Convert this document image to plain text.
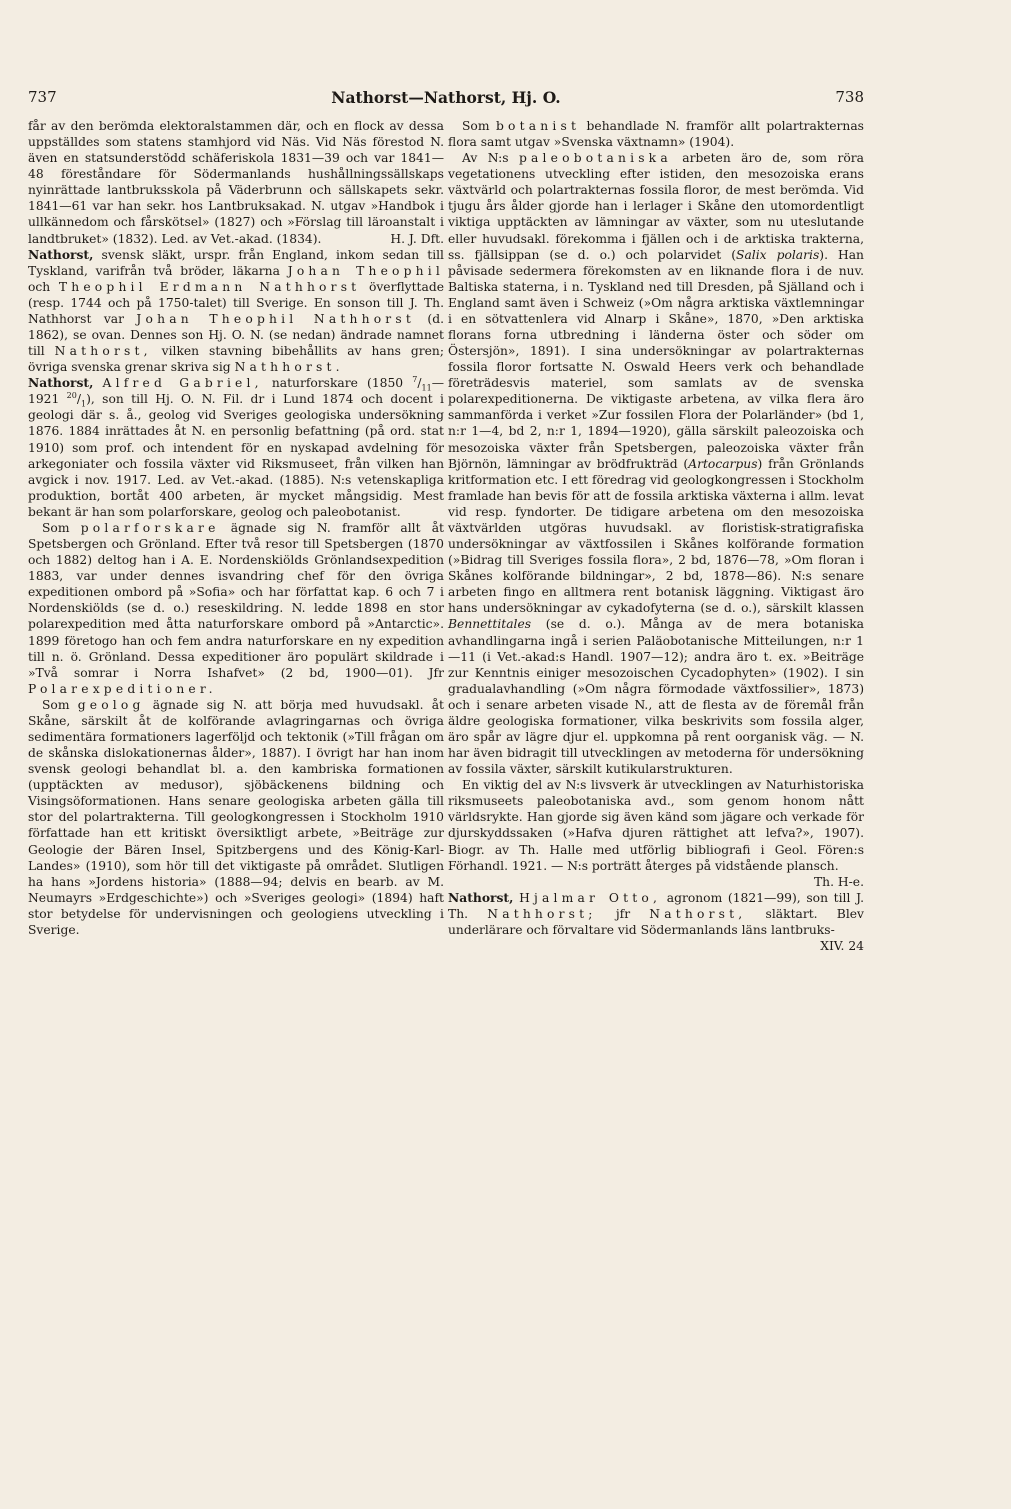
737	Nathorst—Nathorst, Hj. O.	738

får av den berömda elektoralstammen där, och en flock av dessa uppställdes som statens stamhjord vid Näs. Vid Näs förestod N. även en statsunderstödd schäferiskola 1831—39 och var 1841—48 föreståndare för Södermanlands hushållningssällskaps nyinrättade lantbruksskola på Väderbrunn och sällskapets sekr. 1841—61 var han sekr. hos Lantbruksakad. N. utgav »Handbok i ullkännedom och fårskötsel» (1827) och »Förslag till läroanstalt i landtbruket» (1832). Led. av Vet.-akad. (1834).	H. J. Dft.

Nathorst, svensk släkt, urspr. från England, inkom sedan till Tyskland, varifrån två bröder, läkarna Johan Theophil och Theophil Erdmann Nathhorst överflyttade (resp. 1744 och på 1750-talet) till Sverige. En sonson till J. Th. Nathhorst var Johan Theophil Nathhorst (d. 1862), se ovan. Dennes son Hj. O. N. (se nedan) ändrade namnet till Nathorst, vilken stavning bibehållits av hans gren; övriga svenska grenar skriva sig Nathhorst.

Nathorst, Alfred Gabriel, naturforskare (1850 $^7/_{11}—1921$ $^{20}/_1$), son till Hj. O. N. Fil. dr i Lund 1874 och docent i geologi där s. å., geolog vid Sveriges geologiska undersökning 1876. 1884 inrättades åt N. en personlig befattning (på ord. stat 1910) som prof. och intendent för en nyskapad avdelning för arkegoniater och fossila växter vid Riksmuseet, från vilken han avgick i nov. 1917. Led. av Vet.-akad. (1885). N:s vetenskapliga produktion, bortåt 400 arbeten, är mycket mångsidig. Mest bekant är han som polarforskare, geolog och paleobotanist.

Som polarforskare ägnade sig N. framför allt åt Spetsbergen och Grönland. Efter två resor till Spetsbergen (1870 och 1882) deltog han i A. E. Nordenskiölds Grönlandsexpedition 1883, var under dennes isvandring chef för den övriga expeditionen ombord på »Sofia» och har författat kap. 6 och 7 i Nordenskiölds (se d. o.) reseskildring. N. ledde 1898 en stor polarexpedition med åtta naturforskare ombord på »Antarctic». 1899 företogo han och fem andra naturforskare en ny expedition till n. ö. Grönland. Dessa expeditioner äro populärt skildrade i »Två somrar i Norra Ishafvet» (2 bd, 1900—01). Jfr Polarexpeditioner.

Som geolog ägnade sig N. att börja med huvudsakl. åt Skåne, särskilt åt de kolförande avlagringarnas och övriga sedimentära formationers lagerföljd och tektonik (»Till frågan om de skånska dislokationernas ålder», 1887). I övrigt har han inom svensk geologi behandlat bl. a. den kambriska formationen (upptäckten av medusor), sjöbäckenens bildning och Visingsöformationen. Hans senare geologiska arbeten gälla till stor del polartrakterna. Till geologkongressen i Stockholm 1910 författade han ett kritiskt översiktligt arbete, »Beiträge zur Geologie der Bären Insel, Spitzbergens und des König-Karl-Landes» (1910), som hör till det viktigaste på området. Slutligen ha hans »Jordens historia» (1888—94; delvis en bearb. av M. Neumayrs »Erdgeschichte») och »Sveriges geologi» (1894) haft stor betydelse för undervisningen och geologiens utveckling i Sverige.

Som botanist behandlade N. framför allt polartrakternas flora samt utgav »Svenska växtnamn» (1904).

Av N:s paleobotaniska arbeten äro de, som röra vegetationens utveckling efter istiden, den mesozoiska erans växtvärld och polartrakternas fossila floror, de mest berömda. Vid tjugu års ålder gjorde han i lerlager i Skåne den utomordentligt viktiga upptäckten av lämningar av växter, som nu uteslutande eller huvudsakl. förekomma i fjällen och i de arktiska trakterna, ss. fjällsippan (se d. o.) och polarvidet (Salix polaris). Han påvisade sedermera förekomsten av en liknande flora i de nuv. Baltiska staterna, i n. Tyskland ned till Dresden, på Själland och i England samt även i Schweiz (»Om några arktiska växtlemningar i en sötvattenlera vid Alnarp i Skåne», 1870, »Den arktiska florans forna utbredning i länderna öster och söder om Östersjön», 1891). I sina undersökningar av polartrakternas fossila floror fortsatte N. Oswald Heers verk och behandlade företrädesvis materiel, som samlats av de svenska polarexpeditionerna. De viktigaste arbetena, av vilka flera äro sammanförda i verket »Zur fossilen Flora der Polarländer» (bd 1, n:r 1—4, bd 2, n:r 1, 1894—1920), gälla särskilt paleozoiska och mesozoiska växter från Spetsbergen, paleozoiska växter från Björnön, lämningar av brödfrukträd (Artocarpus) från Grönlands kritformation etc. I ett föredrag vid geologkongressen i Stockholm framlade han bevis för att de fossila arktiska växterna i allm. levat vid resp. fyndorter. De tidigare arbetena om den mesozoiska växtvärlden utgöras huvudsakl. av floristisk-stratigrafiska undersökningar av växtfossilen i Skånes kolförande formation (»Bidrag till Sveriges fossila flora», 2 bd, 1876—78, »Om floran i Skånes kolförande bildningar», 2 bd, 1878—86). N:s senare arbeten fingo en alltmera rent botanisk läggning. Viktigast äro hans undersökningar av cykadofyterna (se d. o.), särskilt klassen Bennettitales (se d. o.). Många av de mera botaniska avhandlingarna ingå i serien Paläobotanische Mitteilungen, n:r 1—11 (i Vet.-akad:s Handl. 1907—12); andra äro t. ex. »Beiträge zur Kenntnis einiger mesozoischen Cycadophyten» (1902). I sin gradualavhandling (»Om några förmodade växtfossilier», 1873) och i senare arbeten visade N., att de flesta av de föremål från äldre geologiska formationer, vilka beskrivits som fossila alger, äro spår av lägre djur el. uppkomna på rent oorganisk väg. — N. har även bidragit till utvecklingen av metoderna för undersökning av fossila växter, särskilt kutikularstrukturen.

En viktig del av N:s livsverk är utvecklingen av Naturhistoriska riksmuseets paleobotaniska avd., som genom honom nått världsrykte. Han gjorde sig även känd som jägare och verkade för djurskyddssaken (»Hafva djuren rättighet att lefva?», 1907). Biogr. av Th. Halle med utförlig bibliografi i Geol. Fören:s Förhandl. 1921. — N:s porträtt återges på vidstående plansch.
Th. H-e.

Nathorst, Hjalmar Otto, agronom (1821—99), son till J. Th. Nathhorst; jfr Nathorst, släktart. Blev underlärare och förvaltare vid Södermanlands läns lantbruks-

XIV. 24
